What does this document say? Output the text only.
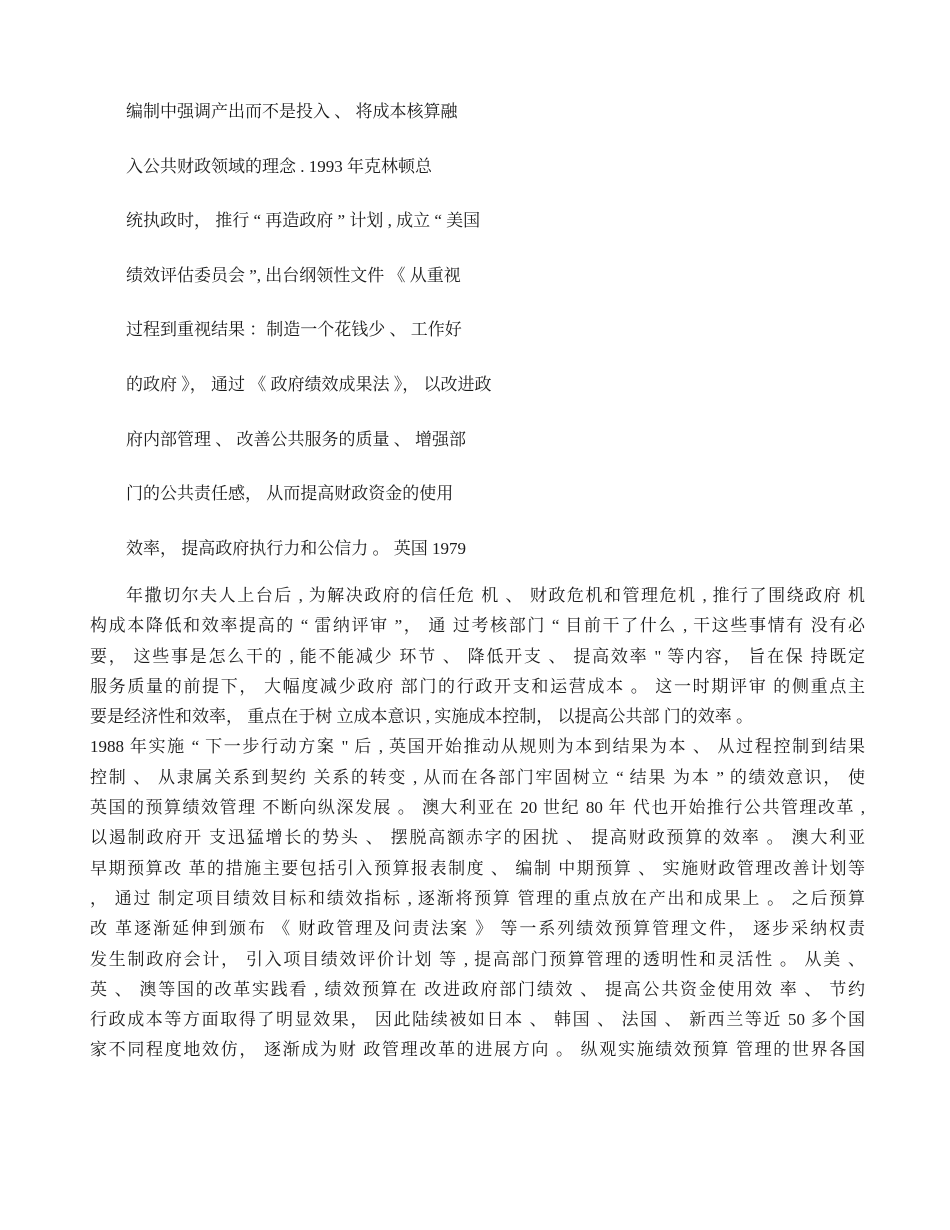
编制中强调产出而不是投入 、 将成本核算融
入公共财政领域的理念 . 1993 年克林顿总
统执政时， 推行 “ 再造政府 ” 计划 , 成立 “ 美国
绩效评估委员会 ”, 出台纲领性文件 《 从重视
过程到重视结果 ：制造一个花钱少 、 工作好
的政府 》， 通过 《 政府绩效成果法 》， 以改进政
府内部管理 、 改善公共服务的质量 、 增强部
门的公共责任感， 从而提高财政资金的使用
效率， 提高政府执行力和公信力 。 英国 1979
年撒切尔夫人上台后 , 为解决政府的信任危 机 、 财政危机和管理危机 , 推行了围绕政府 机
构成本降低和效率提高的 “ 雷纳评审 ”， 通 过考核部门 “ 目前干了什么 , 干这些事情有 没有必
要， 这些事是怎么干的 , 能不能减少 环节 、 降低开支 、 提高效率 " 等内容， 旨在保 持既定
服务质量的前提下， 大幅度减少政府 部门的行政开支和运营成本 。 这一时期评审 的侧重点主
要是经济性和效率， 重点在于树 立成本意识 , 实施成本控制， 以提高公共部 门的效率 。
1988 年实施 “ 下一步行动方案 " 后 , 英国开始推动从规则为本到结果为本 、 从过程控制到结果
控制 、 从隶属关系到契约 关系的转变 , 从而在各部门牢固树立 “ 结果 为本 ” 的绩效意识， 使
英国的预算绩效管理 不断向纵深发展 。 澳大利亚在 20 世纪 80 年 代也开始推行公共管理改革 ,
以遏制政府开 支迅猛增长的势头 、 摆脱高额赤字的困扰 、 提高财政预算的效率 。 澳大利亚
早期预算改 革的措施主要包括引入预算报表制度 、 编制 中期预算 、 实施财政管理改善计划等
， 通过 制定项目绩效目标和绩效指标 , 逐渐将预算 管理的重点放在产出和成果上 。 之后预算
改 革逐渐延伸到颁布 《 财政管理及问责法案 》 等一系列绩效预算管理文件， 逐步采纳权责
发生制政府会计， 引入项目绩效评价计划 等 , 提高部门预算管理的透明性和灵活性 。 从美 、
英 、 澳等国的改革实践看 , 绩效预算在 改进政府部门绩效 、 提高公共资金使用效 率 、 节约
行政成本等方面取得了明显效果， 因此陆续被如日本 、 韩国 、 法国 、 新西兰等近 50 多个国
家不同程度地效仿， 逐渐成为财 政管理改革的进展方向 。 纵观实施绩效预算 管理的世界各国
